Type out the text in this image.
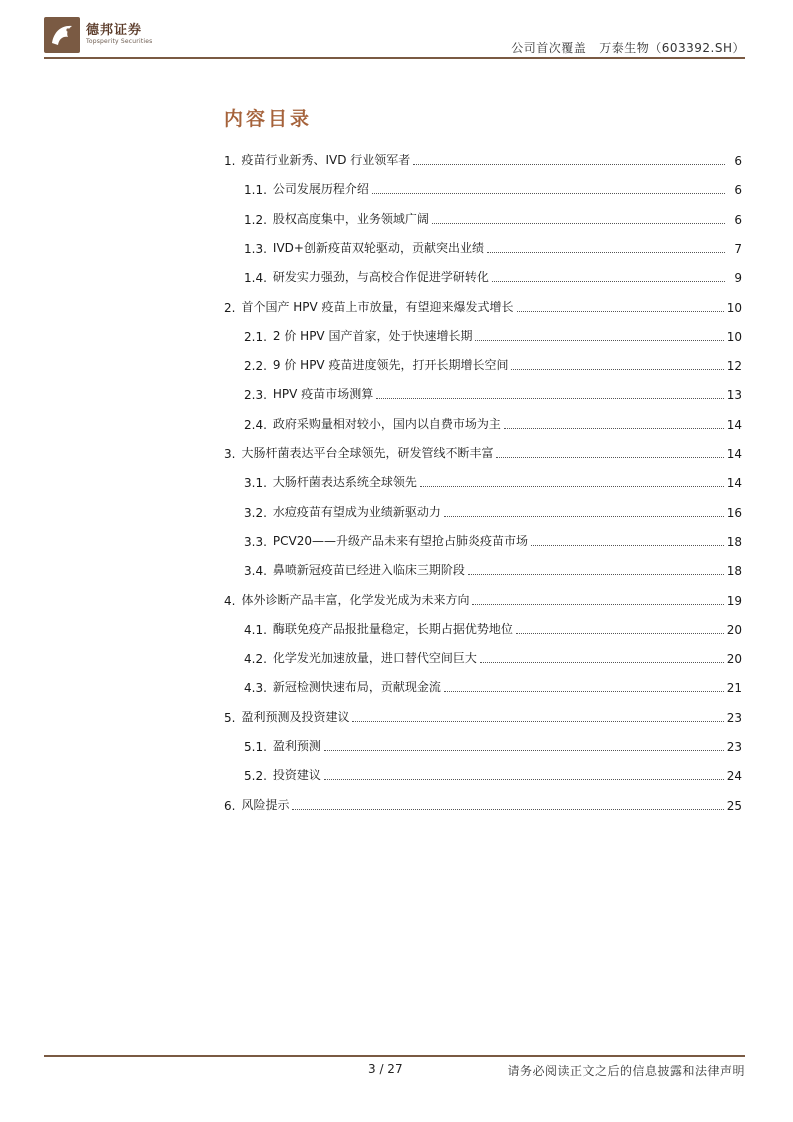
德邦证券
Topsperity Securities	公司首次覆盖 万泰生物（603392.SH）
内容目录
1. 疫苗行业新秀、IVD 行业领军者	6
1.1. 公司发展历程介绍	6
1.2. 股权高度集中，业务领域广阔	6
1.3. IVD+创新疫苗双轮驱动，贡献突出业绩	7
1.4. 研发实力强劲，与高校合作促进学研转化	9
2. 首个国产 HPV 疫苗上市放量，有望迎来爆发式增长	10
2.1. 2 价 HPV 国产首家，处于快速增长期	10
2.2. 9 价 HPV 疫苗进度领先，打开长期增长空间	12
2.3. HPV 疫苗市场测算	13
2.4. 政府采购量相对较小，国内以自费市场为主	14
3. 大肠杆菌表达平台全球领先，研发管线不断丰富	14
3.1. 大肠杆菌表达系统全球领先	14
3.2. 水痘疫苗有望成为业绩新驱动力	16
3.3. PCV20——升级产品未来有望抢占肺炎疫苗市场	18
3.4. 鼻喷新冠疫苗已经进入临床三期阶段	18
4. 体外诊断产品丰富，化学发光成为未来方向	19
4.1. 酶联免疫产品报批量稳定，长期占据优势地位	20
4.2. 化学发光加速放量，进口替代空间巨大	20
4.3. 新冠检测快速布局，贡献现金流	21
5. 盈利预测及投资建议	23
5.1. 盈利预测	23
5.2. 投资建议	24
6. 风险提示	25
3 / 27	请务必阅读正文之后的信息披露和法律声明
